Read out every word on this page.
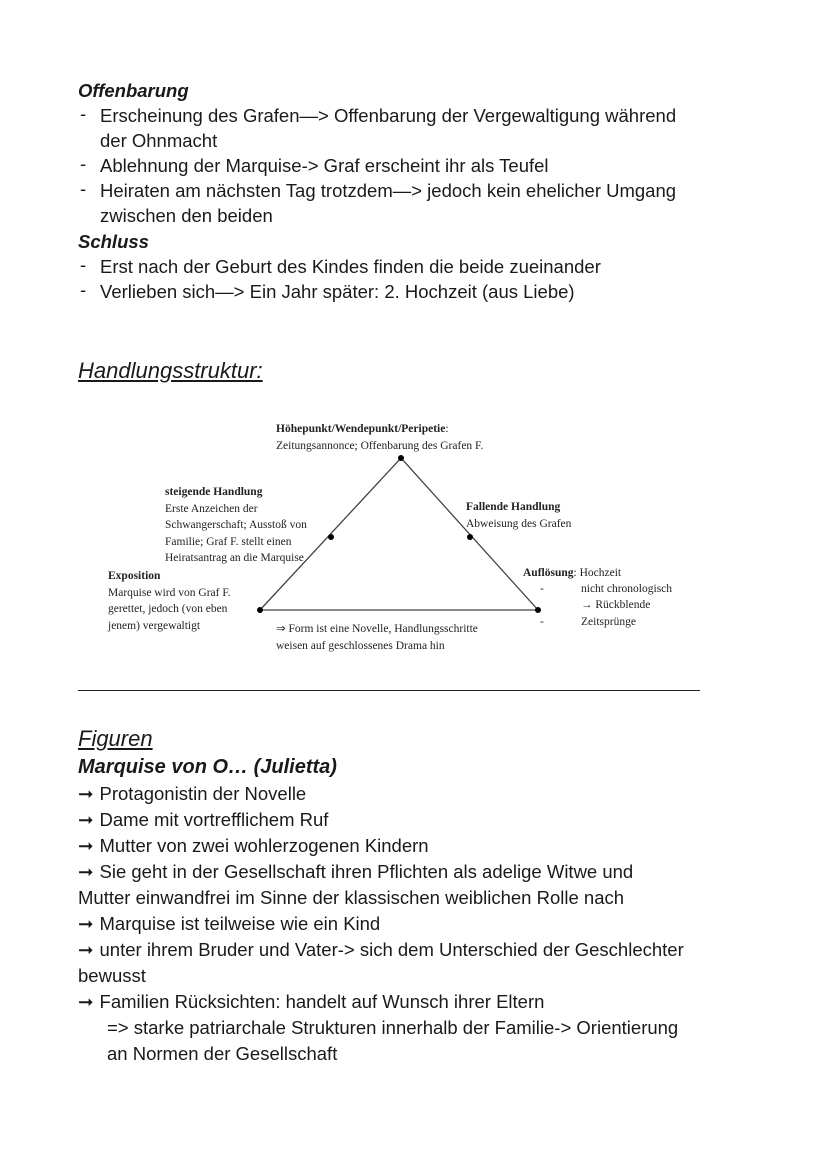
Offenbarung
- Erscheinung des Grafen—> Offenbarung der Vergewaltigung während
der Ohnmacht
- Ablehnung der Marquise-> Graf erscheint ihr als Teufel
- Heiraten am nächsten Tag trotzdem—> jedoch kein ehelicher Umgang
zwischen den beiden
Schluss
- Erst nach der Geburt des Kindes finden die beide zueinander
- Verlieben sich—> Ein Jahr später: 2. Hochzeit (aus Liebe)
Handlungsstruktur:
Höhepunkt/Wendepunkt/Peripetie:
Zeitungsannonce; Offenbarung des Grafen F.
steigende Handlung
Erste Anzeichen der
Schwangerschaft; Ausstoß von
Familie; Graf F. stellt einen
Heiratsantrag an die Marquise
Fallende Handlung
Abweisung des Grafen
Exposition
Marquise wird von Graf F.
gerettet, jedoch (von eben
jenem) vergewaltigt
Auflösung: Hochzeit
-	nicht chronologisch
→ Rückblende
-	Zeitsprünge
⇒ Form ist eine Novelle, Handlungsschritte
weisen auf geschlossenes Drama hin
Figuren
Marquise von O… (Julietta)
➞ Protagonistin der Novelle
➞ Dame mit vortrefflichem Ruf
➞ Mutter von zwei wohlerzogenen Kindern
➞ Sie geht in der Gesellschaft ihren Pflichten als adelige Witwe und
Mutter einwandfrei im Sinne der klassischen weiblichen Rolle nach
➞ Marquise ist teilweise wie ein Kind
➞ unter ihrem Bruder und Vater-> sich dem Unterschied der Geschlechter
bewusst
➞ Familien Rücksichten: handelt auf Wunsch ihrer Eltern
=> starke patriarchale Strukturen innerhalb der Familie-> Orientierung
an Normen der Gesellschaft
